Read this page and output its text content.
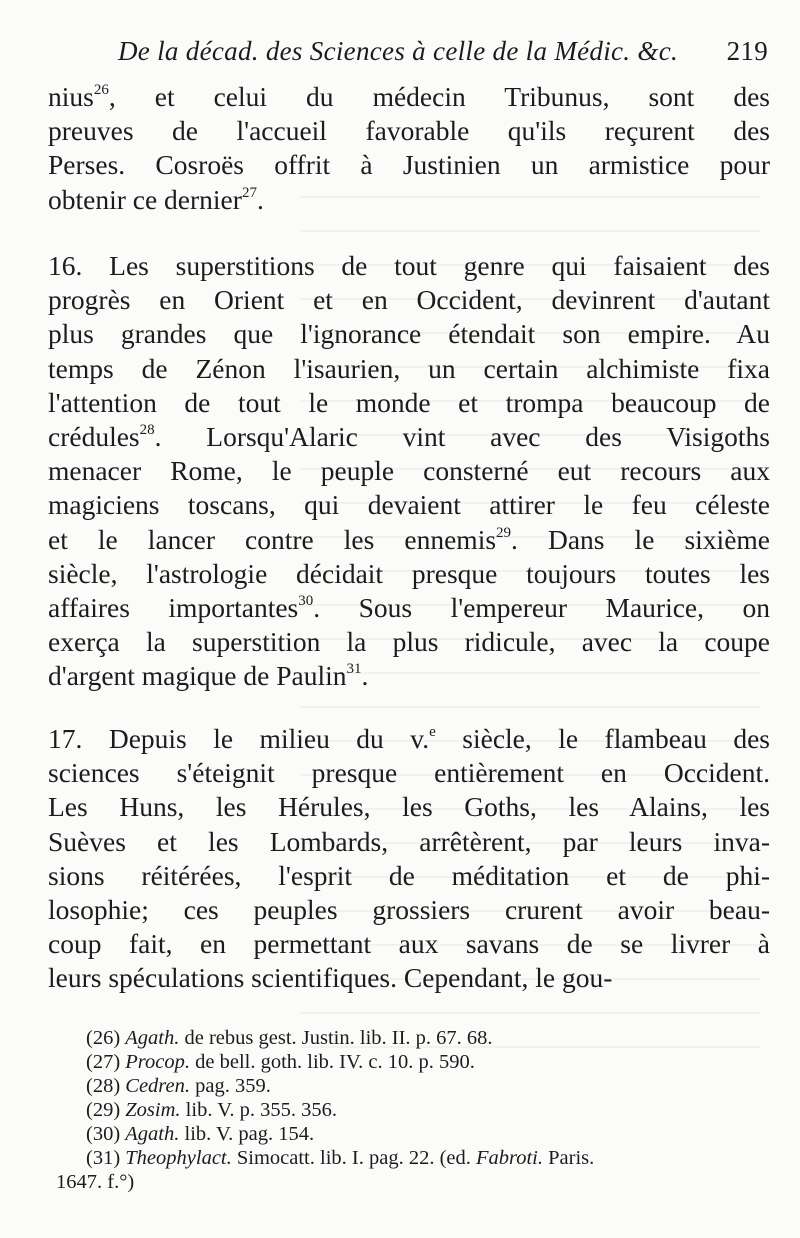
De la décad. des Sciences à celle de la Médic. &c. 219
nius$^{26}$, et celui du médecin Tribunus, sont des
preuves de l'accueil favorable qu'ils reçurent des
Perses. Cosroës offrit à Justinien un armistice pour
obtenir ce dernier$^{27}$.
16. Les superstitions de tout genre qui faisaient des
progrès en Orient et en Occident, devinrent d'autant
plus grandes que l'ignorance étendait son empire. Au
temps de Zénon l'isaurien, un certain alchimiste fixa
l'attention de tout le monde et trompa beaucoup de
crédules$^{28}$. Lorsqu'Alaric vint avec des Visigoths
menacer Rome, le peuple consterné eut recours aux
magiciens toscans, qui devaient attirer le feu céleste
et le lancer contre les ennemis$^{29}$. Dans le sixième
siècle, l'astrologie décidait presque toujours toutes les
affaires importantes$^{30}$. Sous l'empereur Maurice, on
exerça la superstition la plus ridicule, avec la coupe
d'argent magique de Paulin$^{31}$.
17. Depuis le milieu du v.$^e$ siècle, le flambeau des
sciences s'éteignit presque entièrement en Occident.
Les Huns, les Hérules, les Goths, les Alains, les
Suèves et les Lombards, arrêtèrent, par leurs inva-
sions réitérées, l'esprit de méditation et de phi-
losophie; ces peuples grossiers crurent avoir beau-
coup fait, en permettant aux savans de se livrer à
leurs spéculations scientifiques. Cependant, le gou-
(26) Agath. de rebus gest. Justin. lib. II. p. 67. 68.
(27) Procop. de bell. goth. lib. IV. c. 10. p. 590.
(28) Cedren. pag. 359.
(29) Zosim. lib. V. p. 355. 356.
(30) Agath. lib. V. pag. 154.
(31) Theophylact. Simocatt. lib. I. pag. 22. (ed. Fabroti. Paris.
1647. f.°)
